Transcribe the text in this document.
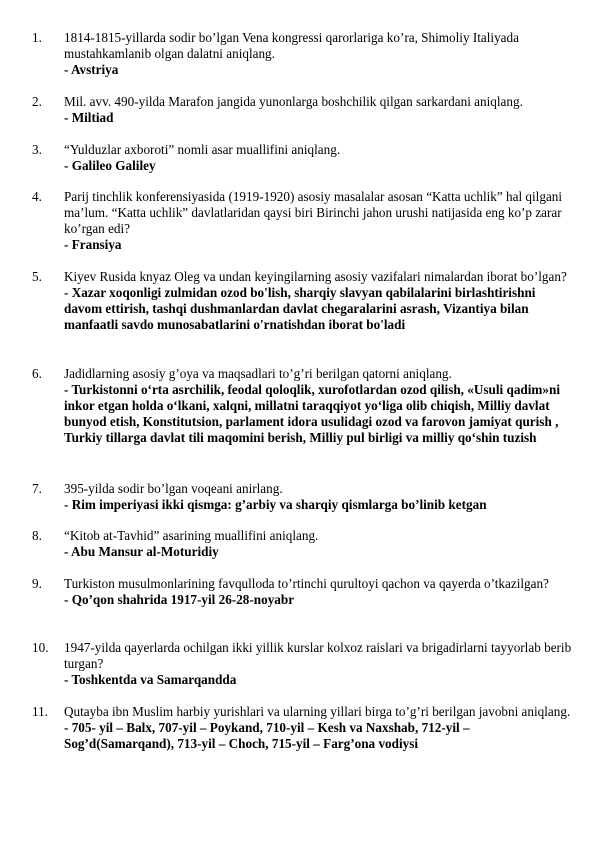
1. 1814-1815-yillarda sodir bo’lgan Vena kongressi qarorlariga ko’ra, Shimoliy Italiyada mustahkamlanib olgan dalatni aniqlang.
- Avstriya
2. Mil. avv. 490-yilda Marafon jangida yunonlarga boshchilik qilgan sarkardani aniqlang.
- Miltiad
3. “Yulduzlar axboroti” nomli asar muallifini aniqlang.
- Galileo Galiley
4. Parij tinchlik konferensiyasida (1919-1920) asosiy masalalar asosan “Katta uchlik” hal qilgani ma’lum. “Katta uchlik” davlatlaridan qaysi biri Birinchi jahon urushi natijasida eng ko’p zarar ko’rgan edi?
- Fransiya
5. Kiyev Rusida knyaz Oleg va undan keyingilarning asosiy vazifalari nimalardan iborat bo’lgan?
- Xazar xoqonligi zulmidan ozod bo'lish, sharqiy slavyan qabilalarini birlashtirishni davom ettirish, tashqi dushmanlardan davlat chegaralarini asrash, Vizantiya bilan manfaatli savdo munosabatlarini o'rnatishdan iborat bo'ladi
6. Jadidlarning asosiy g’oya va maqsadlari to’g’ri berilgan qatorni aniqlang.
- Turkistonni o‘rta asrchilik, feodal qoloqlik, xurofotlardan ozod qilish, «Usuli qadim»ni inkor etgan holda o‘lkani, xalqni, millatni taraqqiyot yo‘liga olib chiqish, Milliy davlat bunyod etish, Konstitutsion, parlament idora usulidagi ozod va farovon jamiyat qurish , Turkiy tillarga davlat tili maqomini berish, Milliy pul birligi va milliy qo‘shin tuzish
7. 395-yilda sodir bo’lgan voqeani anirlang.
- Rim imperiyasi ikki qismga: g’arbiy va sharqiy qismlarga bo’linib ketgan
8. “Kitob at-Tavhid” asarining muallifini aniqlang.
- Abu Mansur al-Moturidiy
9. Turkiston musulmonlarining favqulloda to’rtinchi qurultoyi qachon va qayerda o’tkazilgan?
- Qo’qon shahrida 1917-yil 26-28-noyabr
10. 1947-yilda qayerlarda ochilgan ikki yillik kurslar kolxoz raislari va brigadirlarni tayyorlab berib turgan?
- Toshkentda va Samarqandda
11. Qutayba ibn Muslim harbiy yurishlari va ularning yillari birga to’g’ri berilgan javobni aniqlang.
- 705- yil – Balx, 707-yil – Poykand, 710-yil – Kesh va Naxshab, 712-yil – Sog’d(Samarqand), 713-yil – Choch, 715-yil – Farg’ona vodiysi
